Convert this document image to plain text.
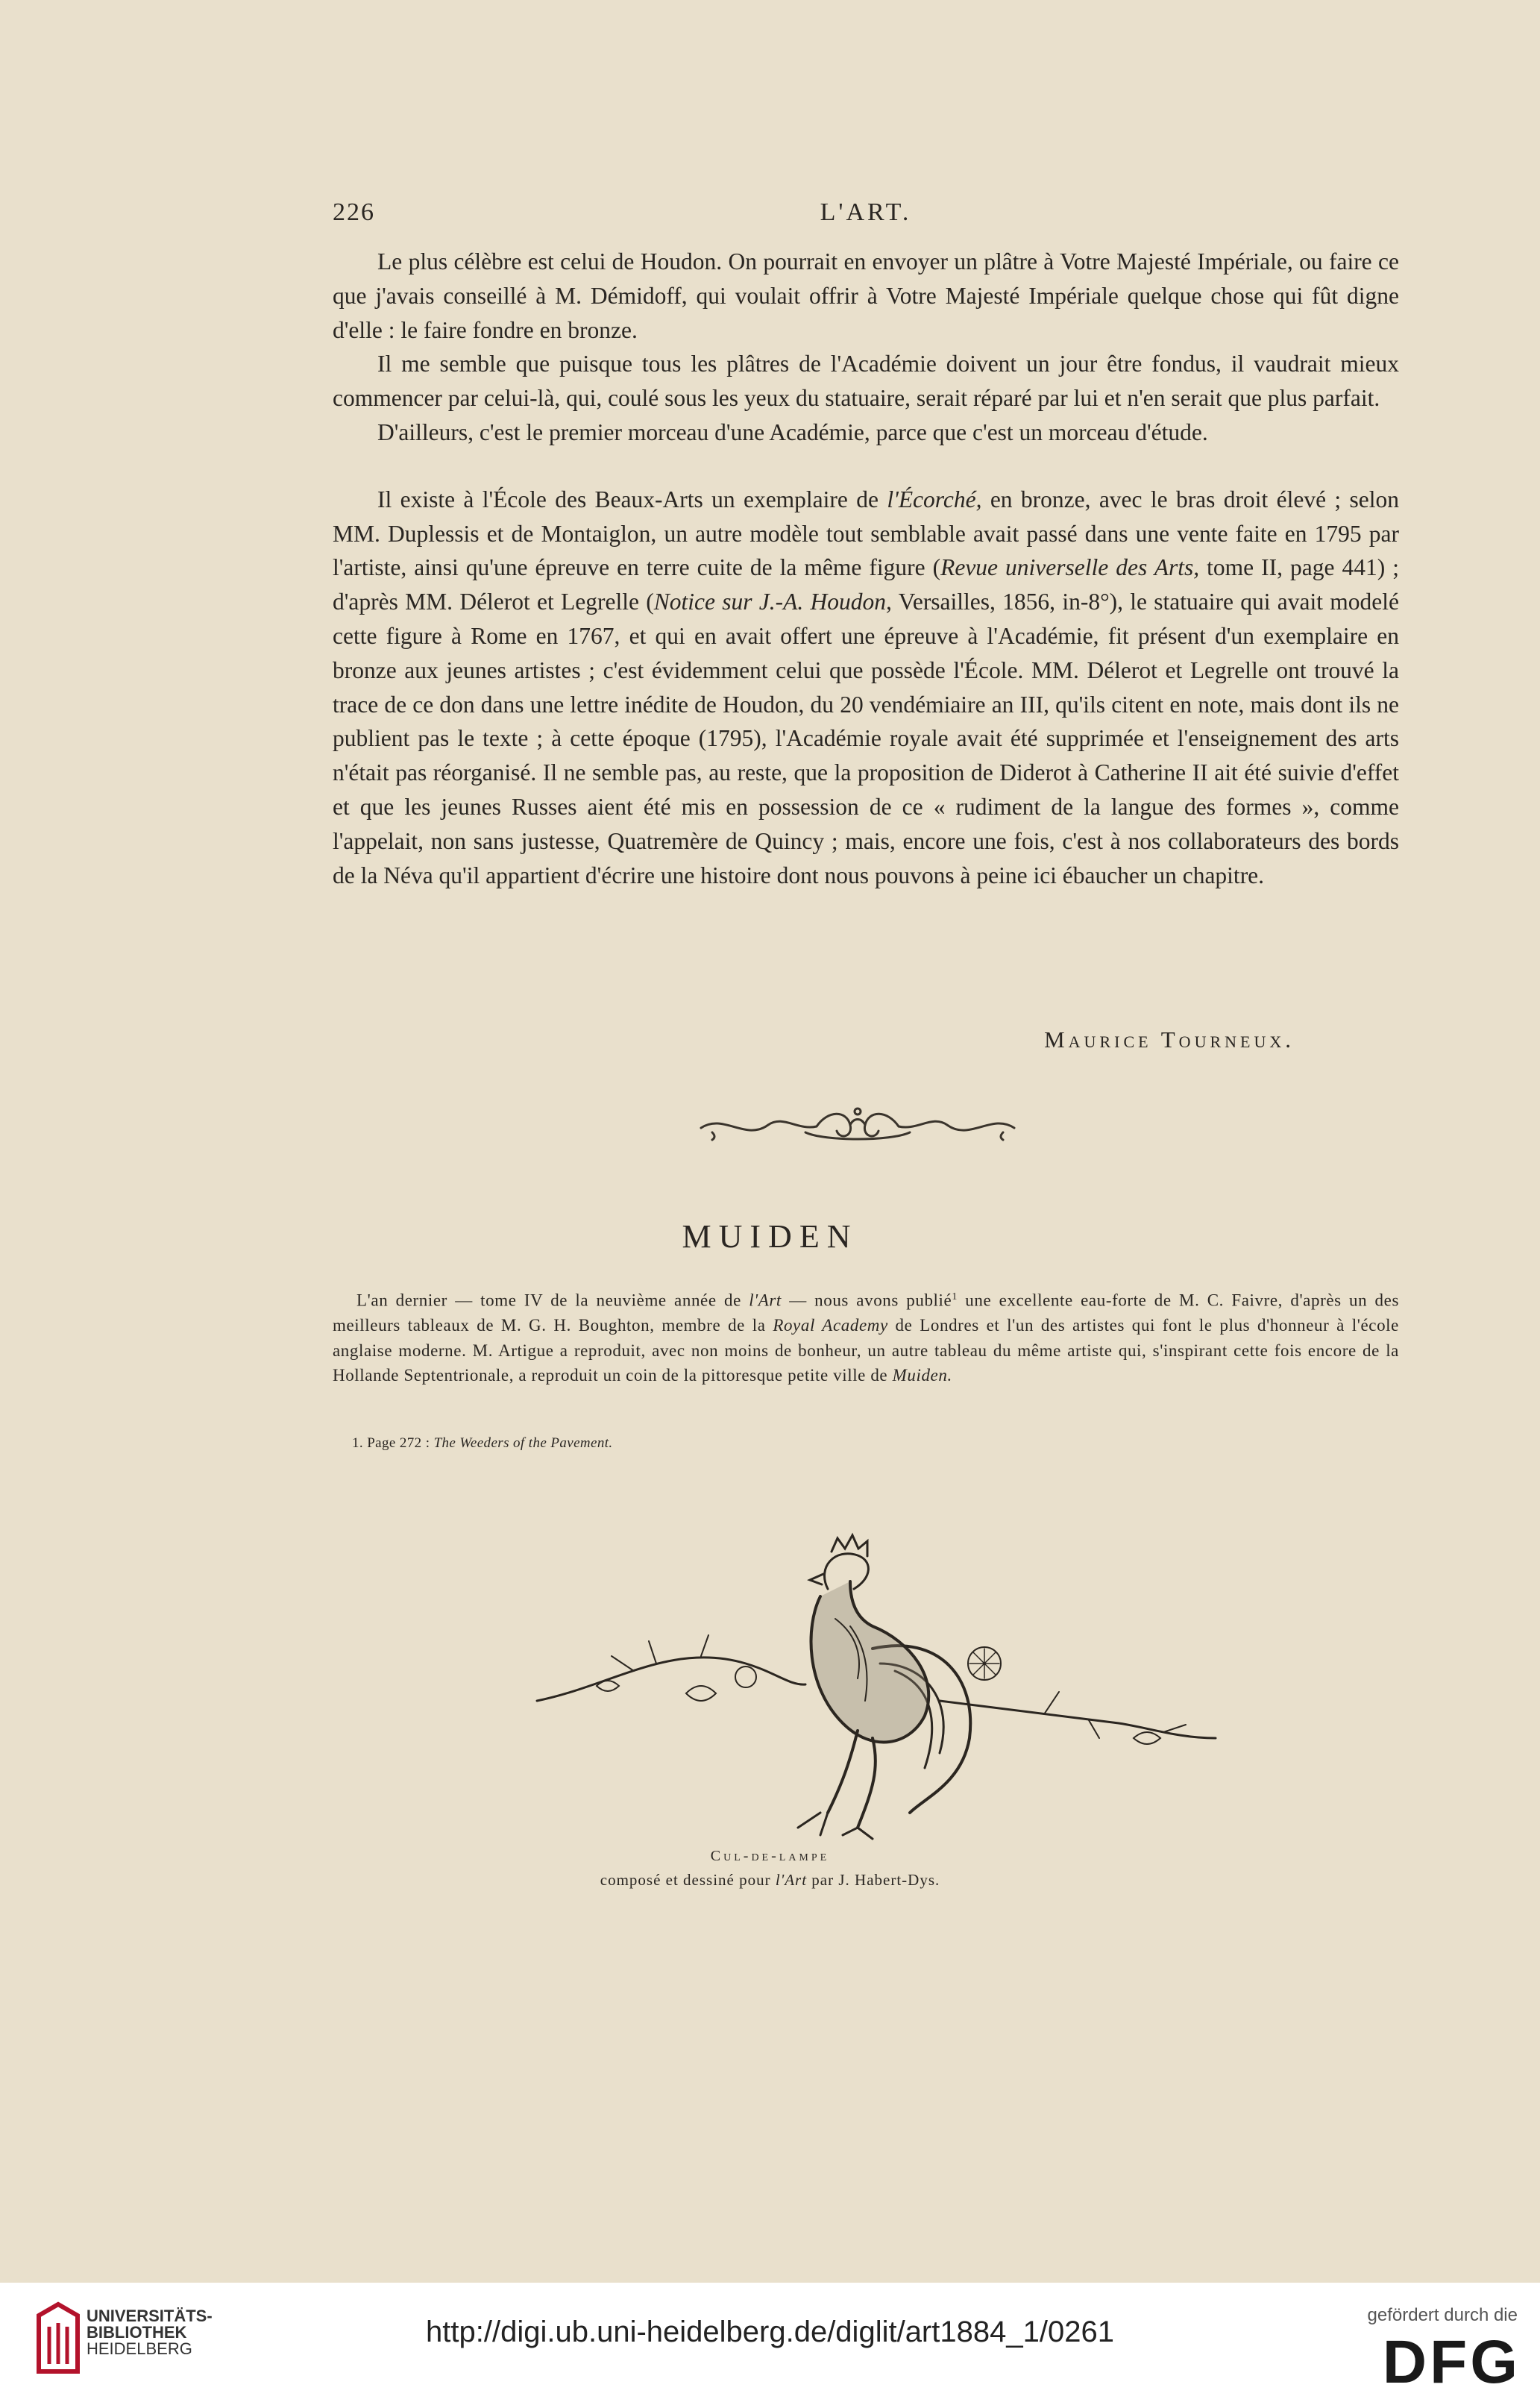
226	L'ART.

Le plus célèbre est celui de Houdon. On pourrait en envoyer un plâtre à Votre Majesté Impériale, ou faire ce que j'avais conseillé à M. Démidoff, qui voulait offrir à Votre Majesté Impériale quelque chose qui fût digne d'elle : le faire fondre en bronze.

Il me semble que puisque tous les plâtres de l'Académie doivent un jour être fondus, il vaudrait mieux commencer par celui-là, qui, coulé sous les yeux du statuaire, serait réparé par lui et n'en serait que plus parfait.

D'ailleurs, c'est le premier morceau d'une Académie, parce que c'est un morceau d'étude.

Il existe à l'École des Beaux-Arts un exemplaire de l'Écorché, en bronze, avec le bras droit élevé ; selon MM. Duplessis et de Montaiglon, un autre modèle tout semblable avait passé dans une vente faite en 1795 par l'artiste, ainsi qu'une épreuve en terre cuite de la même figure (Revue universelle des Arts, tome II, page 441) ; d'après MM. Délerot et Legrelle (Notice sur J.-A. Houdon, Versailles, 1856, in-8°), le statuaire qui avait modelé cette figure à Rome en 1767, et qui en avait offert une épreuve à l'Académie, fit présent d'un exemplaire en bronze aux jeunes artistes ; c'est évidemment celui que possède l'École. MM. Délerot et Legrelle ont trouvé la trace de ce don dans une lettre inédite de Houdon, du 20 vendémiaire an III, qu'ils citent en note, mais dont ils ne publient pas le texte ; à cette époque (1795), l'Académie royale avait été supprimée et l'enseignement des arts n'était pas réorganisé. Il ne semble pas, au reste, que la proposition de Diderot à Catherine II ait été suivie d'effet et que les jeunes Russes aient été mis en possession de ce « rudiment de la langue des formes », comme l'appelait, non sans justesse, Quatremère de Quincy ; mais, encore une fois, c'est à nos collaborateurs des bords de la Néva qu'il appartient d'écrire une histoire dont nous pouvons à peine ici ébaucher un chapitre.

Maurice Tourneux.
MUIDEN

L'an dernier — tome IV de la neuvième année de l'Art — nous avons publié$^1$ une excellente eau-forte de M. C. Faivre, d'après un des meilleurs tableaux de M. G. H. Boughton, membre de la Royal Academy de Londres et l'un des artistes qui font le plus d'honneur à l'école anglaise moderne. M. Artigue a reproduit, avec non moins de bonheur, un autre tableau du même artiste qui, s'inspirant cette fois encore de la Hollande Septentrionale, a reproduit un coin de la pittoresque petite ville de Muiden.

1. Page 272 : The Weeders of the Pavement.
Cul-de-lampe
composé et dessiné pour l'Art par J. Habert-Dys.
UNIVERSITÄTS-
BIBLIOTHEK
HEIDELBERG
http://digi.ub.uni-heidelberg.de/diglit/art1884_1/0261
gefördert durch die
DFG
